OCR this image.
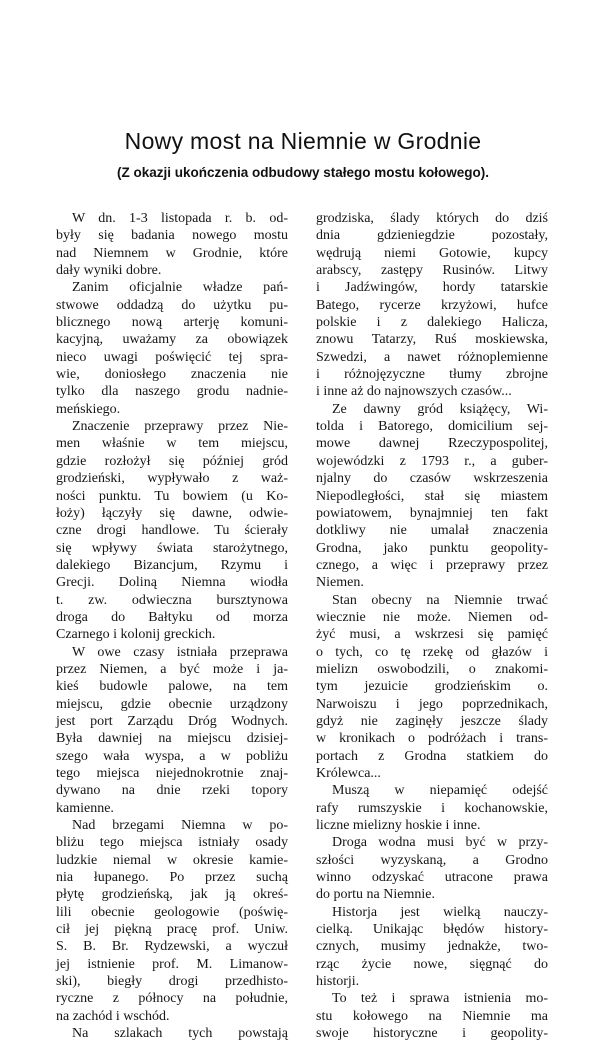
Nowy most na Niemnie w Grodnie
(Z okazji ukończenia odbudowy stałego mostu kołowego).
W dn. 1-3 listopada r. b. od-
były się badania nowego mostu
nad Niemnem w Grodnie, które
dały wyniki dobre.
Zanim oficjalnie władze pań-
stwowe oddadzą do użytku pu-
blicznego nową arterję komuni-
kacyjną, uważamy za obowiązek
nieco uwagi poświęcić tej spra-
wie, doniosłego znaczenia nie
tylko dla naszego grodu nadnie-
meńskiego.
Znaczenie przeprawy przez Nie-
men właśnie w tem miejscu,
gdzie rozłożył się później gród
grodzieński, wypływało z waż-
ności punktu. Tu bowiem (u Ko-
łoży) łączyły się dawne, odwie-
czne drogi handlowe. Tu ścierały
się wpływy świata starożytnego,
dalekiego Bizancjum, Rzymu i
Grecji. Doliną Niemna wiodła
t. zw. odwieczna bursztynowa
droga do Bałtyku od morza
Czarnego i kolonij greckich.
W owe czasy istniała przeprawa
przez Niemen, a być może i ja-
kieś budowle palowe, na tem
miejscu, gdzie obecnie urządzony
jest port Zarządu Dróg Wodnych.
Była dawniej na miejscu dzisiej-
szego wała wyspa, a w pobliżu
tego miejsca niejednokrotnie znaj-
dywano na dnie rzeki topory
kamienne.
Nad brzegami Niemna w po-
bliżu tego miejsca istniały osady
ludzkie niemal w okresie kamie-
nia łupanego. Po przez suchą
płytę grodzieńską, jak ją okreś-
lili obecnie geologowie (poświę-
cił jej piękną pracę prof. Uniw.
S. B. Br. Rydzewski, a wyczuł
jej istnienie prof. M. Limanow-
ski), biegły drogi przedhisto-
ryczne z północy na południe,
na zachód i wschód.
Na szlakach tych powstają
grodziska, ślady których do dziś
dnia gdzieniegdzie pozostały,
wędrują niemi Gotowie, kupcy
arabscy, zastępy Rusinów. Litwy
i Jadźwingów, hordy tatarskie
Batego, rycerze krzyżowi, hufce
polskie i z dalekiego Halicza,
znowu Tatarzy, Ruś moskiewska,
Szwedzi, a nawet różnoplemienne
i różnojęzyczne tłumy zbrojne
i inne aż do najnowszych czasów...
Ze dawny gród książęcy, Wi-
tolda i Batorego, domicilium sej-
mowe dawnej Rzeczypospolitej,
wojewódzki z 1793 r., a guber-
njalny do czasów wskrzeszenia
Niepodległości, stał się miastem
powiatowem, bynajmniej ten fakt
dotkliwy nie umalał znaczenia
Grodna, jako punktu geopolity-
cznego, a więc i przeprawy przez
Niemen.
Stan obecny na Niemnie trwać
wiecznie nie może. Niemen od-
żyć musi, a wskrzesi się pamięć
o tych, co tę rzekę od głazów i
mielizn oswobodzili, o znakomi-
tym jezuicie grodzieńskim o.
Narwoiszu i jego poprzednikach,
gdyż nie zaginęły jeszcze ślady
w kronikach o podróżach i trans-
portach z Grodna statkiem do
Królewca...
Muszą w niepamięć odejść
rafy rumszyskie i kochanowskie,
liczne mielizny hoskie i inne.
Droga wodna musi być w przy-
szłości wyzyskaną, a Grodno
winno odzyskać utracone prawa
do portu na Niemnie.
Historja jest wielką nauczy-
cielką. Unikając błędów history-
cznych, musimy jednakże, two-
rząc życie nowe, sięgnąć do
historji.
To też i sprawa istnienia mo-
stu kołowego na Niemnie ma
swoje historyczne i geopolity-
